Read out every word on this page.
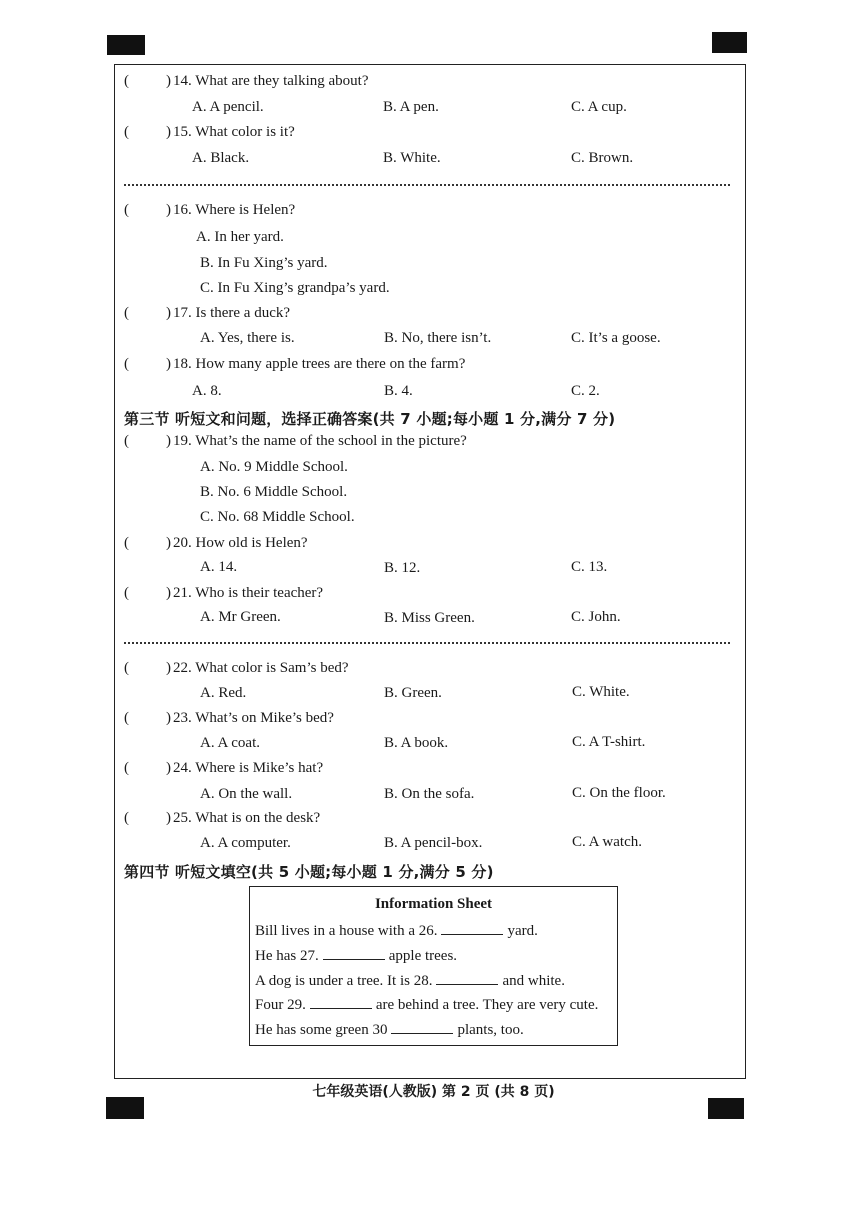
( ) 14. What are they talking about?
A. A pencil.	B. A pen.	C. A cup.
( ) 15. What color is it?
A. Black.	B. White.	C. Brown.
( ) 16. Where is Helen?
A. In her yard.
B. In Fu Xing’s yard.
C. In Fu Xing’s grandpa’s yard.
( ) 17. Is there a duck?
A. Yes, there is.	B. No, there isn’t.	C. It’s a goose.
( ) 18. How many apple trees are there on the farm?
A. 8.	B. 4.	C. 2.
第三节 听短文和问题，选择正确答案(共 7 小题;每小题 1 分,满分 7 分)
( ) 19. What’s the name of the school in the picture?
A. No. 9 Middle School.
B. No. 6 Middle School.
C. No. 68 Middle School.
( ) 20. How old is Helen?
A. 14.	B. 12.	C. 13.
( ) 21. Who is their teacher?
A. Mr Green.	B. Miss Green.	C. John.
( ) 22. What color is Sam’s bed?
A. Red.	B. Green.	C. White.
( ) 23. What’s on Mike’s bed?
A. A coat.	B. A book.	C. A T-shirt.
( ) 24. Where is Mike’s hat?
A. On the wall.	B. On the sofa.	C. On the floor.
( ) 25. What is on the desk?
A. A computer.	B. A pencil-box.	C. A watch.
第四节 听短文填空(共 5 小题;每小题 1 分,满分 5 分)
Information Sheet
Bill lives in a house with a 26.	yard.
He has 27.	apple trees.
A dog is under a tree. It is 28.	and white.
Four 29.	are behind a tree. They are very cute.
He has some green 30	plants, too.
七年级英语(人教版) 第 2 页 (共 8 页)
